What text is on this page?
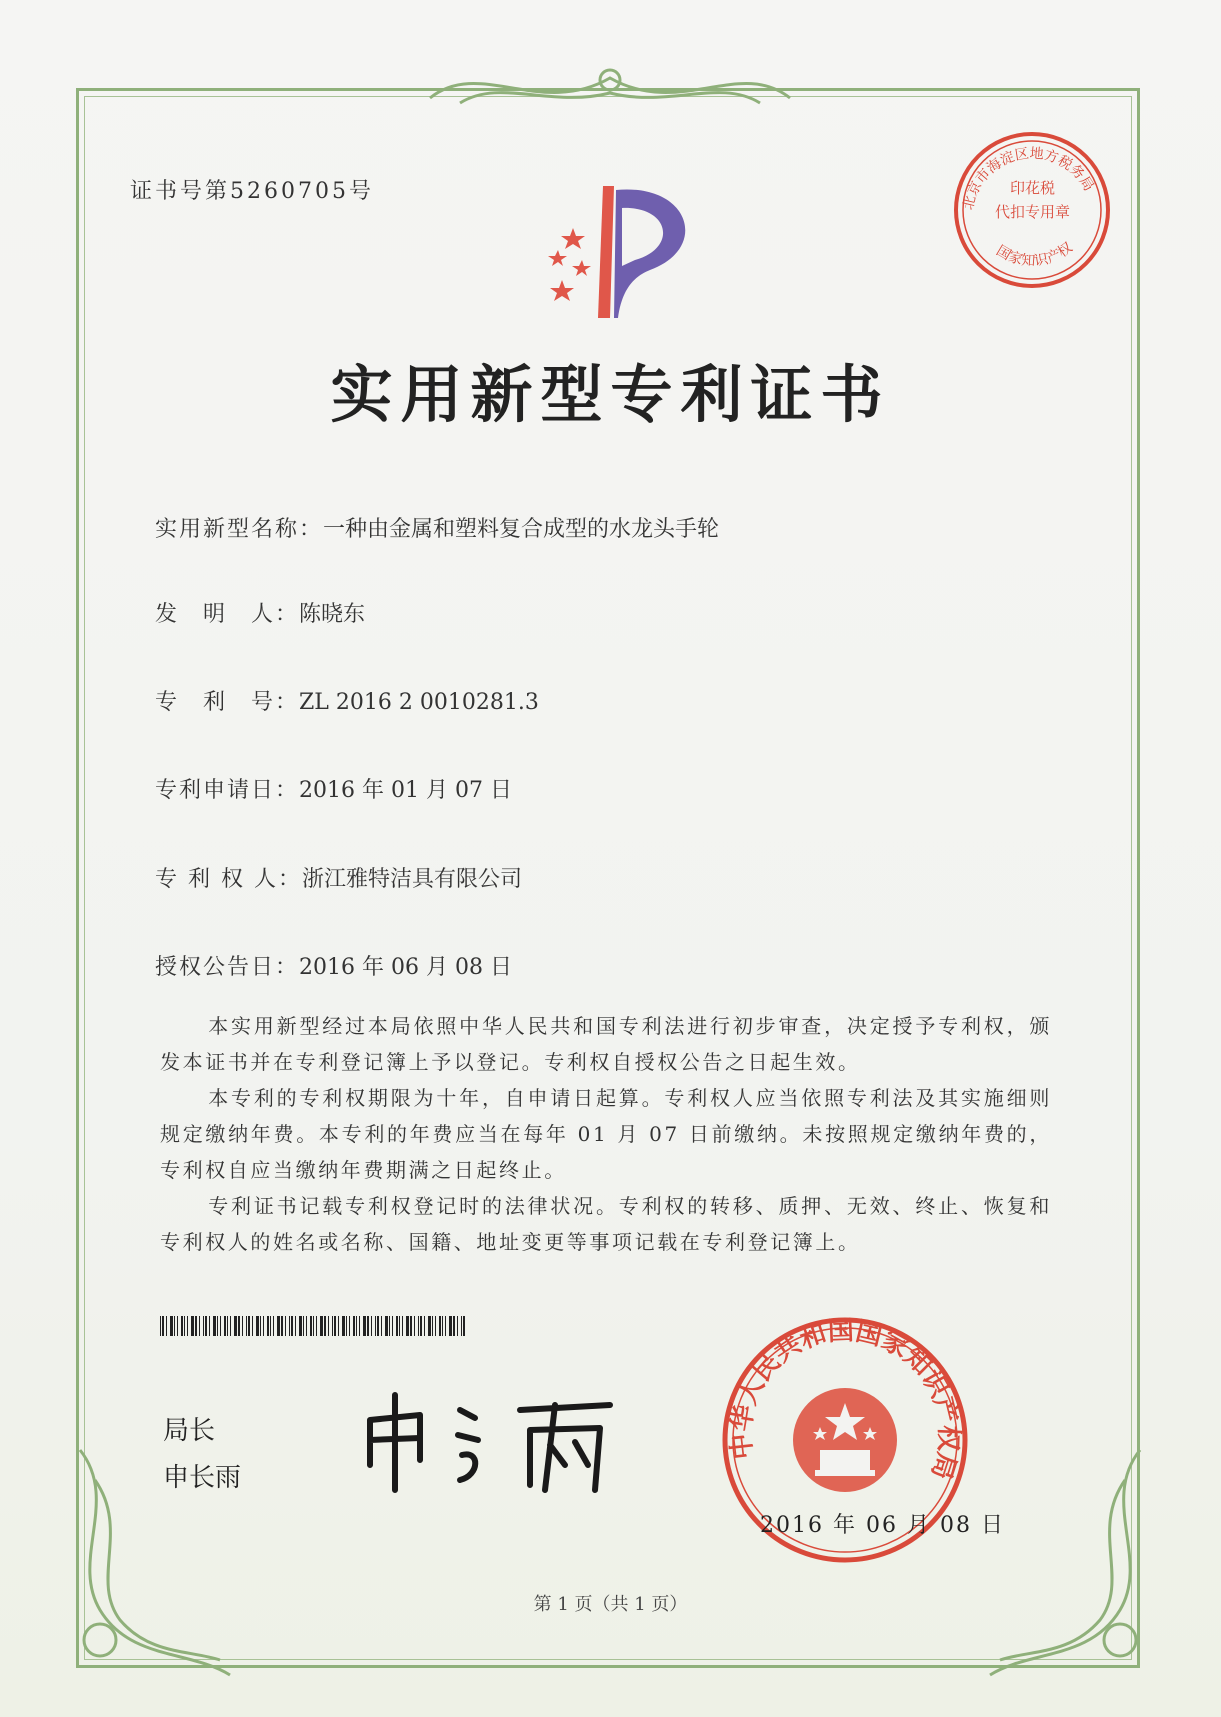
证书号第5260705号	北京市海淀区地方税务局
国家知识产权
印花税
代扣专用章
实用新型专利证书
实用新型名称：一种由金属和塑料复合成型的水龙头手轮
发　明　人：陈晓东
专　利　号：ZL 2016 2 0010281.3
专利申请日：2016 年 01 月 07 日
专 利 权 人：浙江雅特洁具有限公司
授权公告日：2016 年 06 月 08 日
本实用新型经过本局依照中华人民共和国专利法进行初步审查，决定授予专利权，颁发本证书并在专利登记簿上予以登记。专利权自授权公告之日起生效。
本专利的专利权期限为十年，自申请日起算。专利权人应当依照专利法及其实施细则规定缴纳年费。本专利的年费应当在每年 01 月 07 日前缴纳。未按照规定缴纳年费的，专利权自应当缴纳年费期满之日起终止。
专利证书记载专利权登记时的法律状况。专利权的转移、质押、无效、终止、恢复和专利权人的姓名或名称、国籍、地址变更等事项记载在专利登记簿上。
局长
申长雨
中华人民共和国国家知识产权局
2016 年 06 月 08 日
第 1 页（共 1 页）
